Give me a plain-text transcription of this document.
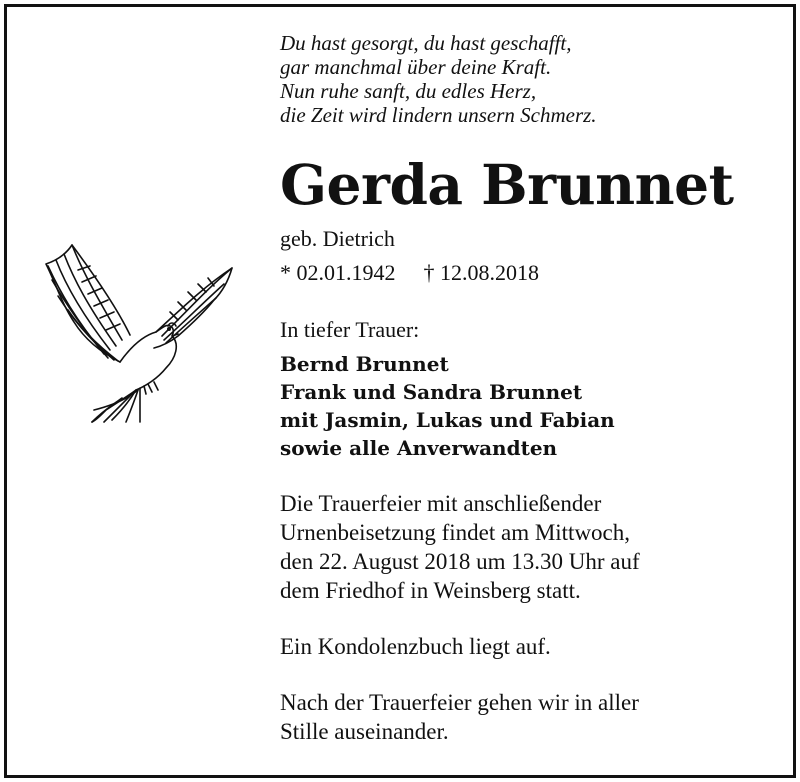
Du hast gesorgt, du hast geschafft,
gar manchmal über deine Kraft.
Nun ruhe sanft, du edles Herz,
die Zeit wird lindern unsern Schmerz.
Gerda Brunnet
geb. Dietrich
* 02.01.1942 † 12.08.2018
In tiefer Trauer:
Bernd Brunnet
Frank und Sandra Brunnet
mit Jasmin, Lukas und Fabian
sowie alle Anverwandten
Die Trauerfeier mit anschließender
Urnenbeisetzung findet am Mittwoch,
den 22. August 2018 um 13.30 Uhr auf
dem Friedhof in Weinsberg statt.
Ein Kondolenzbuch liegt auf.
Nach der Trauerfeier gehen wir in aller
Stille auseinander.
